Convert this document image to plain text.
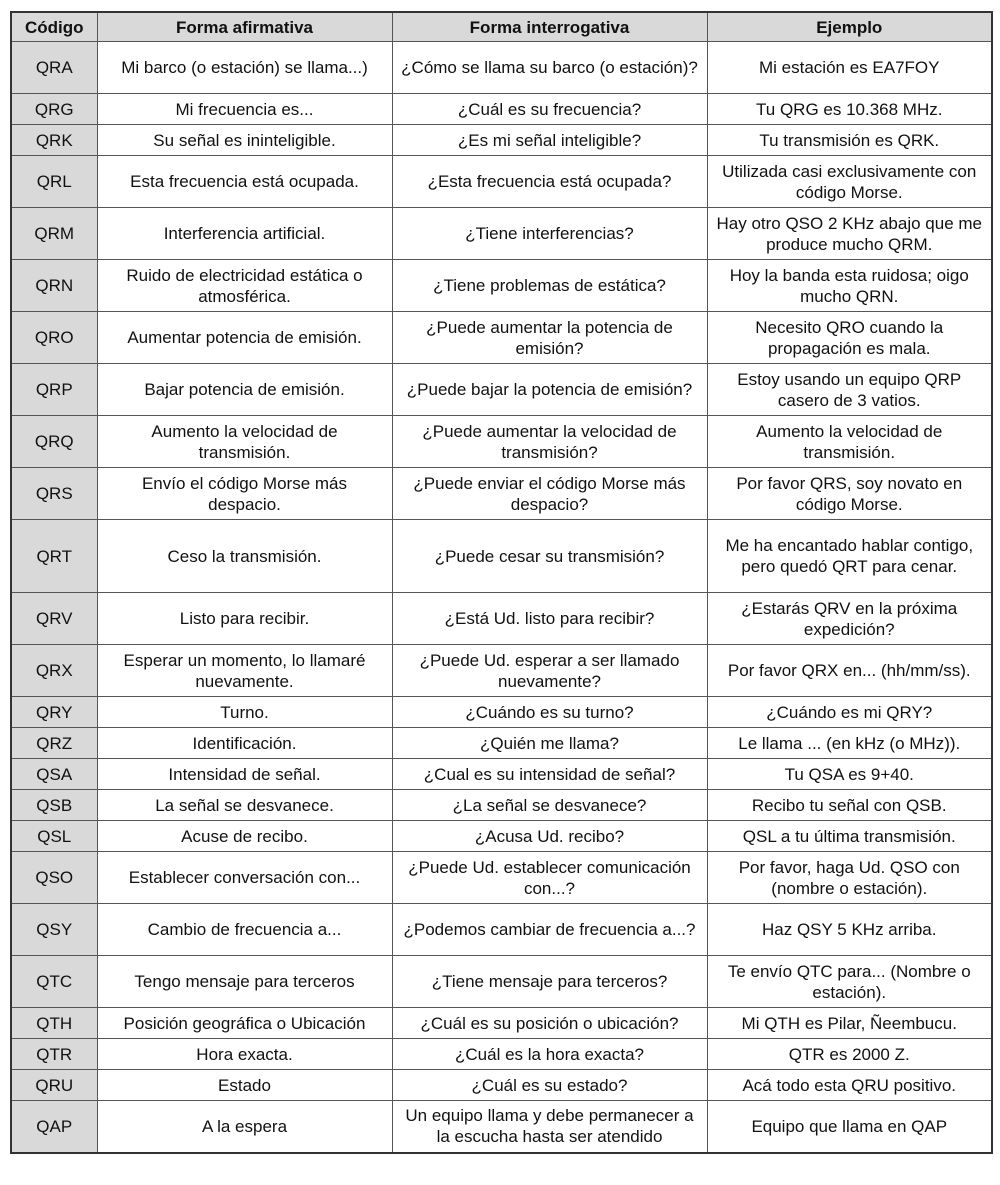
Código	Forma afirmativa	Forma interrogativa	Ejemplo
QRA	Mi barco (o estación) se llama...)	¿Cómo se llama su barco (o estación)?	Mi estación es EA7FOY
QRG	Mi frecuencia es...	¿Cuál es su frecuencia?	Tu QRG es 10.368 MHz.
QRK	Su señal es ininteligible.	¿Es mi señal inteligible?	Tu transmisión es QRK.
QRL	Esta frecuencia está ocupada.	¿Esta frecuencia está ocupada?	Utilizada casi exclusivamente con código Morse.
QRM	Interferencia artificial.	¿Tiene interferencias?	Hay otro QSO 2 KHz abajo que me produce mucho QRM.
QRN	Ruido de electricidad estática o atmosférica.	¿Tiene problemas de estática?	Hoy la banda esta ruidosa; oigo mucho QRN.
QRO	Aumentar potencia de emisión.	¿Puede aumentar la potencia de emisión?	Necesito QRO cuando la propagación es mala.
QRP	Bajar potencia de emisión.	¿Puede bajar la potencia de emisión?	Estoy usando un equipo QRP casero de 3 vatios.
QRQ	Aumento la velocidad de transmisión.	¿Puede aumentar la velocidad de transmisión?	Aumento la velocidad de transmisión.
QRS	Envío el código Morse más despacio.	¿Puede enviar el código Morse más despacio?	Por favor QRS, soy novato en código Morse.
QRT	Ceso la transmisión.	¿Puede cesar su transmisión?	Me ha encantado hablar contigo, pero quedó QRT para cenar.
QRV	Listo para recibir.	¿Está Ud. listo para recibir?	¿Estarás QRV en la próxima expedición?
QRX	Esperar un momento, lo llamaré nuevamente.	¿Puede Ud. esperar a ser llamado nuevamente?	Por favor QRX en... (hh/mm/ss).
QRY	Turno.	¿Cuándo es su turno?	¿Cuándo es mi QRY?
QRZ	Identificación.	¿Quién me llama?	Le llama ... (en kHz (o MHz)).
QSA	Intensidad de señal.	¿Cual es su intensidad de señal?	Tu QSA es 9+40.
QSB	La señal se desvanece.	¿La señal se desvanece?	Recibo tu señal con QSB.
QSL	Acuse de recibo.	¿Acusa Ud. recibo?	QSL a tu última transmisión.
QSO	Establecer conversación con...	¿Puede Ud. establecer comunicación con...?	Por favor, haga Ud. QSO con (nombre o estación).
QSY	Cambio de frecuencia a...	¿Podemos cambiar de frecuencia a...?	Haz QSY 5 KHz arriba.
QTC	Tengo mensaje para terceros	¿Tiene mensaje para terceros?	Te envío QTC para... (Nombre o estación).
QTH	Posición geográfica o Ubicación	¿Cuál es su posición o ubicación?	Mi QTH es Pilar, Ñeembucu.
QTR	Hora exacta.	¿Cuál es la hora exacta?	QTR es 2000 Z.
QRU	Estado	¿Cuál es su estado?	Acá todo esta QRU positivo.
QAP	A la espera	Un equipo llama y debe permanecer a la escucha hasta ser atendido	Equipo que llama en QAP
